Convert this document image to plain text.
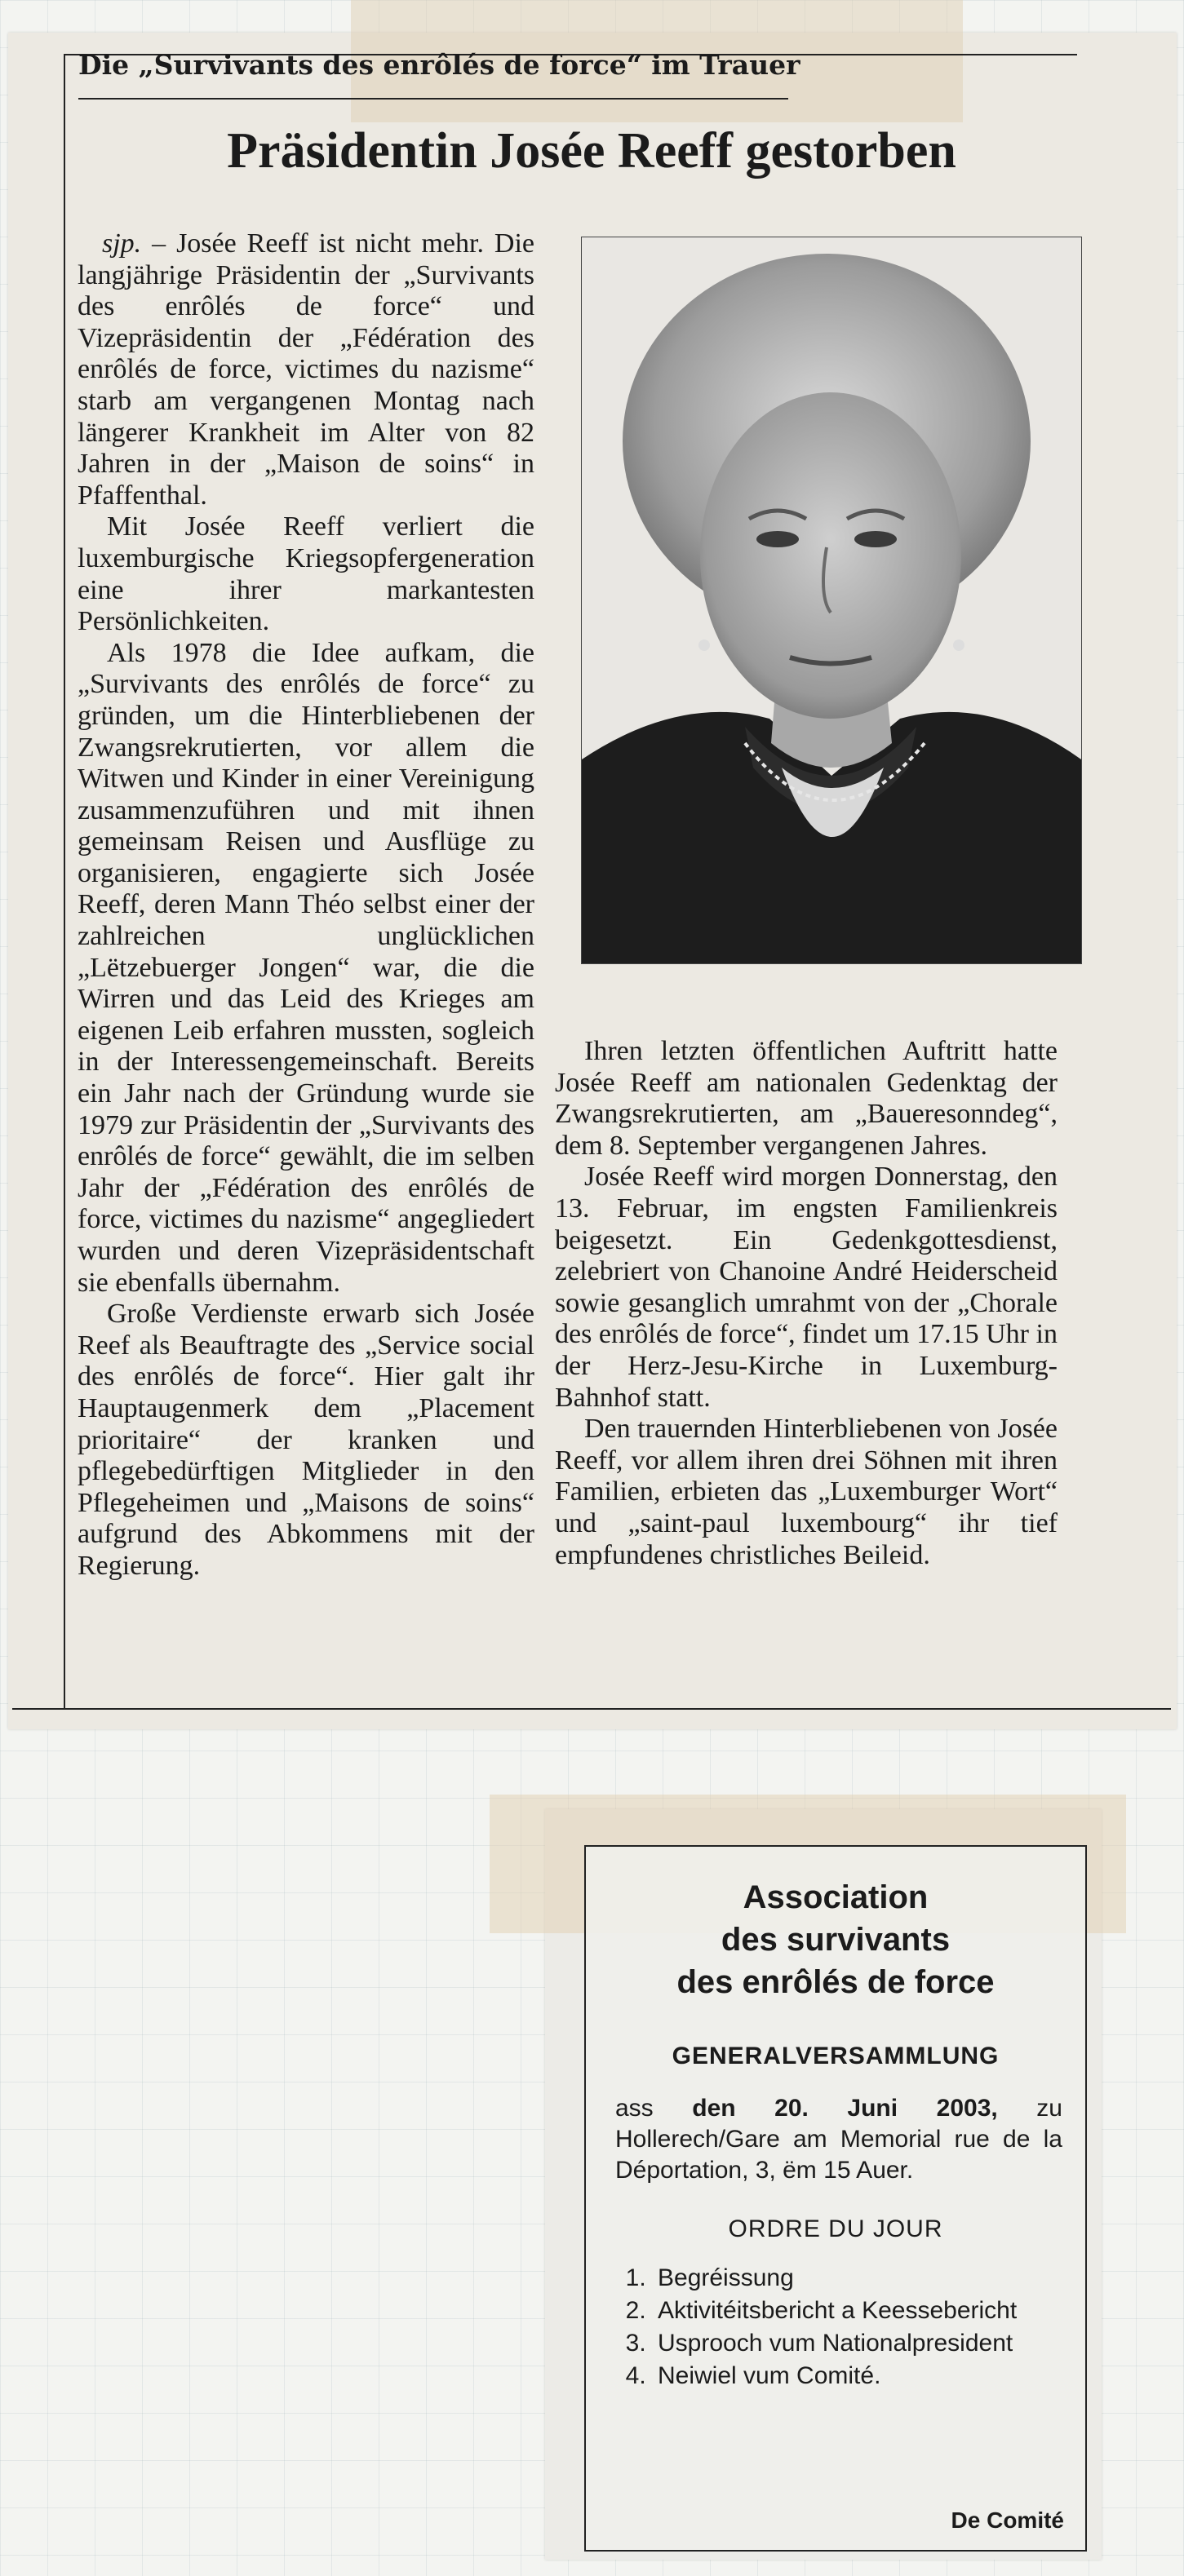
Die „Survivants des enrôlés de force“ im Trauer
Präsidentin Josée Reeff gestorben

sjp. – Josée Reeff ist nicht mehr. Die langjährige Präsidentin der „Survivants des enrôlés de force“ und Vizepräsidentin der „Fédération des enrôlés de force, victimes du nazisme“ starb am vergangenen Montag nach längerer Krankheit im Alter von 82 Jahren in der „Maison de soins“ in Pfaffenthal.

Mit Josée Reeff verliert die luxemburgische Kriegsopfergeneration eine ihrer markantesten Persönlichkeiten.

Als 1978 die Idee aufkam, die „Survivants des enrôlés de force“ zu gründen, um die Hinterbliebenen der Zwangsrekrutierten, vor allem die Witwen und Kinder in einer Vereinigung zusammenzuführen und mit ihnen gemeinsam Reisen und Ausflüge zu organisieren, engagierte sich Josée Reeff, deren Mann Théo selbst einer der zahlreichen unglücklichen „Lëtzebuerger Jongen“ war, die die Wirren und das Leid des Krieges am eigenen Leib erfahren mussten, sogleich in der Interessengemeinschaft. Bereits ein Jahr nach der Gründung wurde sie 1979 zur Präsidentin der „Survivants des enrôlés de force“ gewählt, die im selben Jahr der „Fédération des enrôlés de force, victimes du nazisme“ angegliedert wurden und deren Vizepräsidentschaft sie ebenfalls übernahm.

Große Verdienste erwarb sich Josée Reef als Beauftragte des „Service social des enrôlés de force“. Hier galt ihr Hauptaugenmerk dem „Placement prioritaire“ der kranken und pflegebedürftigen Mitglieder in den Pflegeheimen und „Maisons de soins“ aufgrund des Abkommens mit der Regierung.

Ihren letzten öffentlichen Auftritt hatte Josée Reeff am nationalen Gedenktag der Zwangsrekrutierten, am „Baueresonndeg“, dem 8. September vergangenen Jahres.

Josée Reeff wird morgen Donnerstag, den 13. Februar, im engsten Familienkreis beigesetzt. Ein Gedenkgottesdienst, zelebriert von Chanoine André Heiderscheid sowie gesanglich umrahmt von der „Chorale des enrôlés de force“, findet um 17.15 Uhr in der Herz-Jesu-Kirche in Luxemburg-Bahnhof statt.

Den trauernden Hinterbliebenen von Josée Reeff, vor allem ihren drei Söhnen mit ihren Familien, erbieten das „Luxemburger Wort“ und „saint-paul luxembourg“ ihr tief empfundenes christliches Beileid.

Association
des survivants
des enrôlés de force
GENERALVERSAMMLUNG
ass den 20. Juni 2003, zu Hollerech/Gare am Memorial rue de la Déportation, 3, ëm 15 Auer.
ORDRE DU JOUR
1. Begréissung
2. Aktivitéitsbericht a Keessebericht
3. Usprooch vum Nationalpresident
4. Neiwiel vum Comité.
De Comité
